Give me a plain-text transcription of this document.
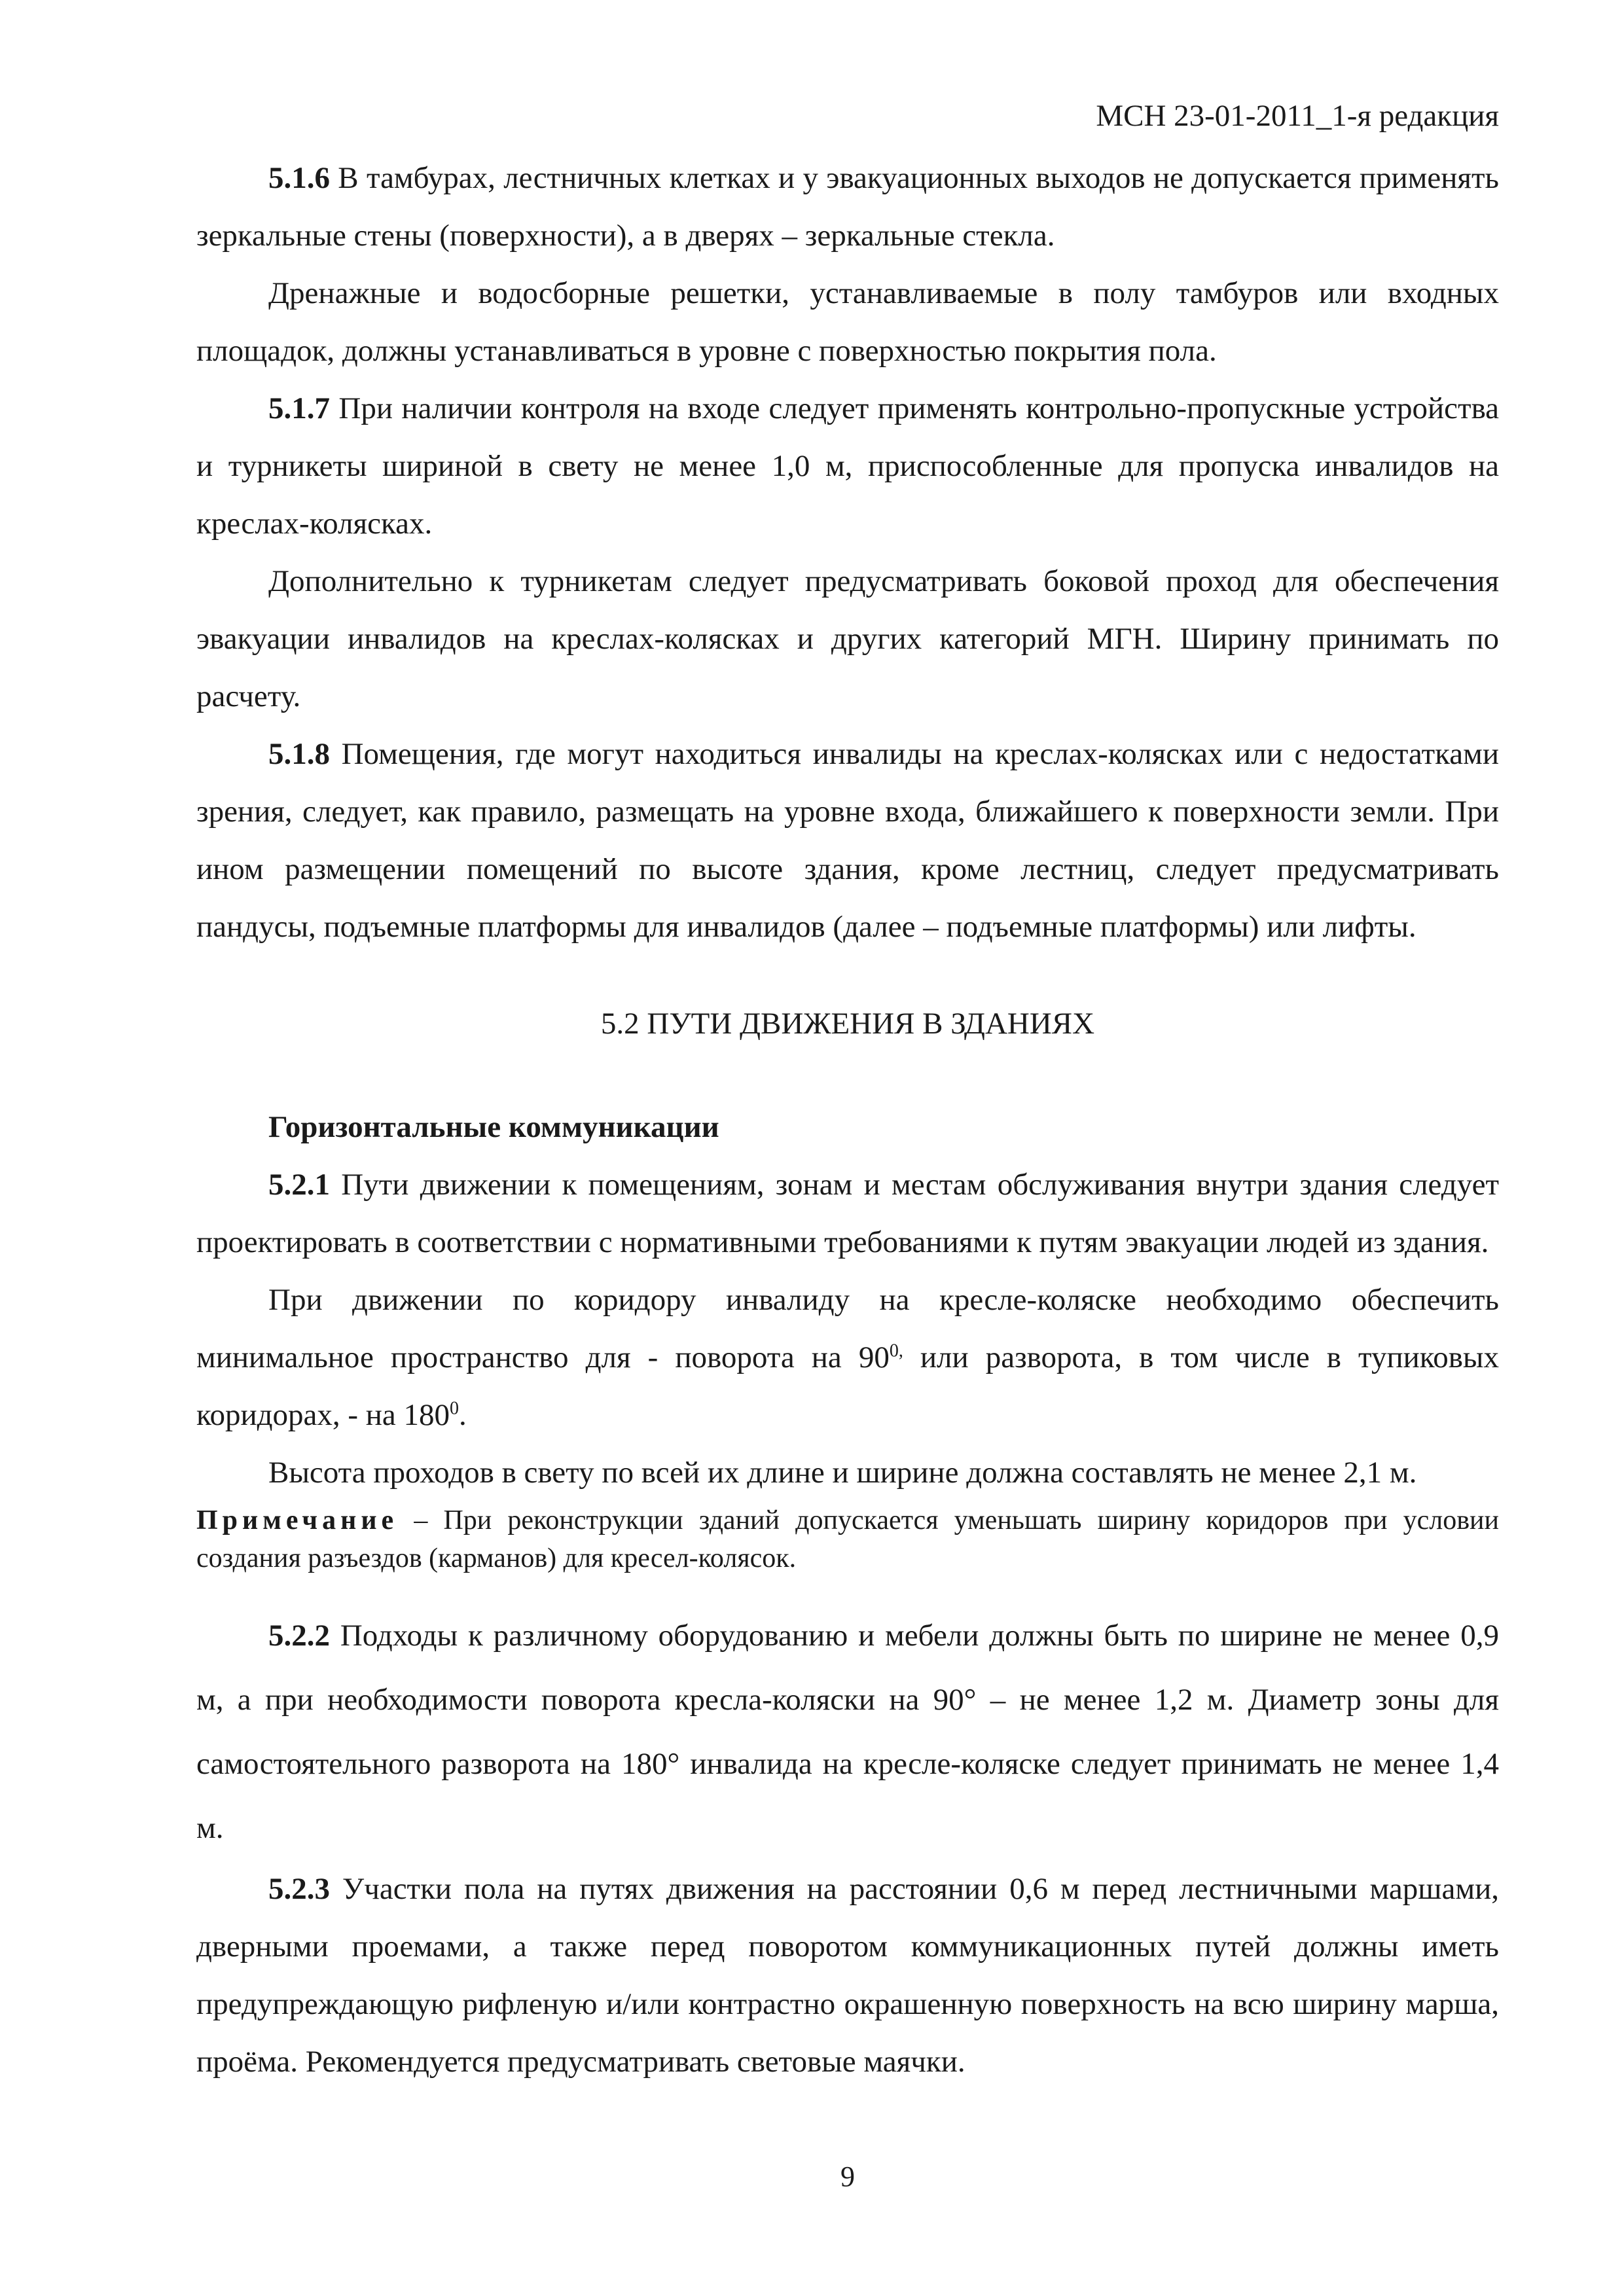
МСН 23-01-2011_1-я редакция

5.1.6 В тамбурах, лестничных клетках и у эвакуационных выходов не допускается применять зеркальные стены (поверхности), а в дверях – зеркальные стекла.

Дренажные и водосборные решетки, устанавливаемые в полу тамбуров или входных площадок, должны устанавливаться в уровне с поверхностью покрытия пола.

5.1.7 При наличии контроля на входе следует применять контрольно-пропускные устройства и турникеты шириной в свету не менее 1,0 м, приспособленные для пропуска инвалидов на креслах-колясках.

Дополнительно к турникетам следует предусматривать боковой проход для обеспечения эвакуации инвалидов на креслах-колясках и других категорий МГН. Ширину принимать по расчету.

5.1.8 Помещения, где могут находиться инвалиды на креслах-колясках или с недостатками зрения, следует, как правило, размещать на уровне входа, ближайшего к поверхности земли. При ином размещении помещений по высоте здания, кроме лестниц, следует предусматривать пандусы, подъемные платформы для инвалидов (далее – подъемные платформы) или лифты.

5.2 ПУТИ ДВИЖЕНИЯ В ЗДАНИЯХ
Горизонтальные коммуникации

5.2.1 Пути движении к помещениям, зонам и местам обслуживания внутри здания следует проектировать в соответствии с нормативными требованиями к путям эвакуации людей из здания.

При движении по коридору инвалиду на кресле-коляске необходимо обеспечить минимальное пространство для - поворота на $90^{0,}$ или разворота, в том числе в тупиковых коридорах, - на $180^0$.

Высота проходов в свету по всей их длине и ширине должна составлять не менее 2,1 м.

Примечание – При реконструкции зданий допускается уменьшать ширину коридоров при условии создания разъездов (карманов) для кресел-колясок.

5.2.2 Подходы к различному оборудованию и мебели должны быть по ширине не менее 0,9 м, а при необходимости поворота кресла-коляски на 90° – не менее 1,2 м. Диаметр зоны для самостоятельного разворота на 180° инвалида на кресле-коляске следует принимать не менее 1,4 м.

5.2.3 Участки пола на путях движения на расстоянии 0,6 м перед лестничными маршами, дверными проемами, а также перед поворотом коммуникационных путей должны иметь предупреждающую рифленую и/или контрастно окрашенную поверхность на всю ширину марша, проёма. Рекомендуется предусматривать световые маячки.

9
